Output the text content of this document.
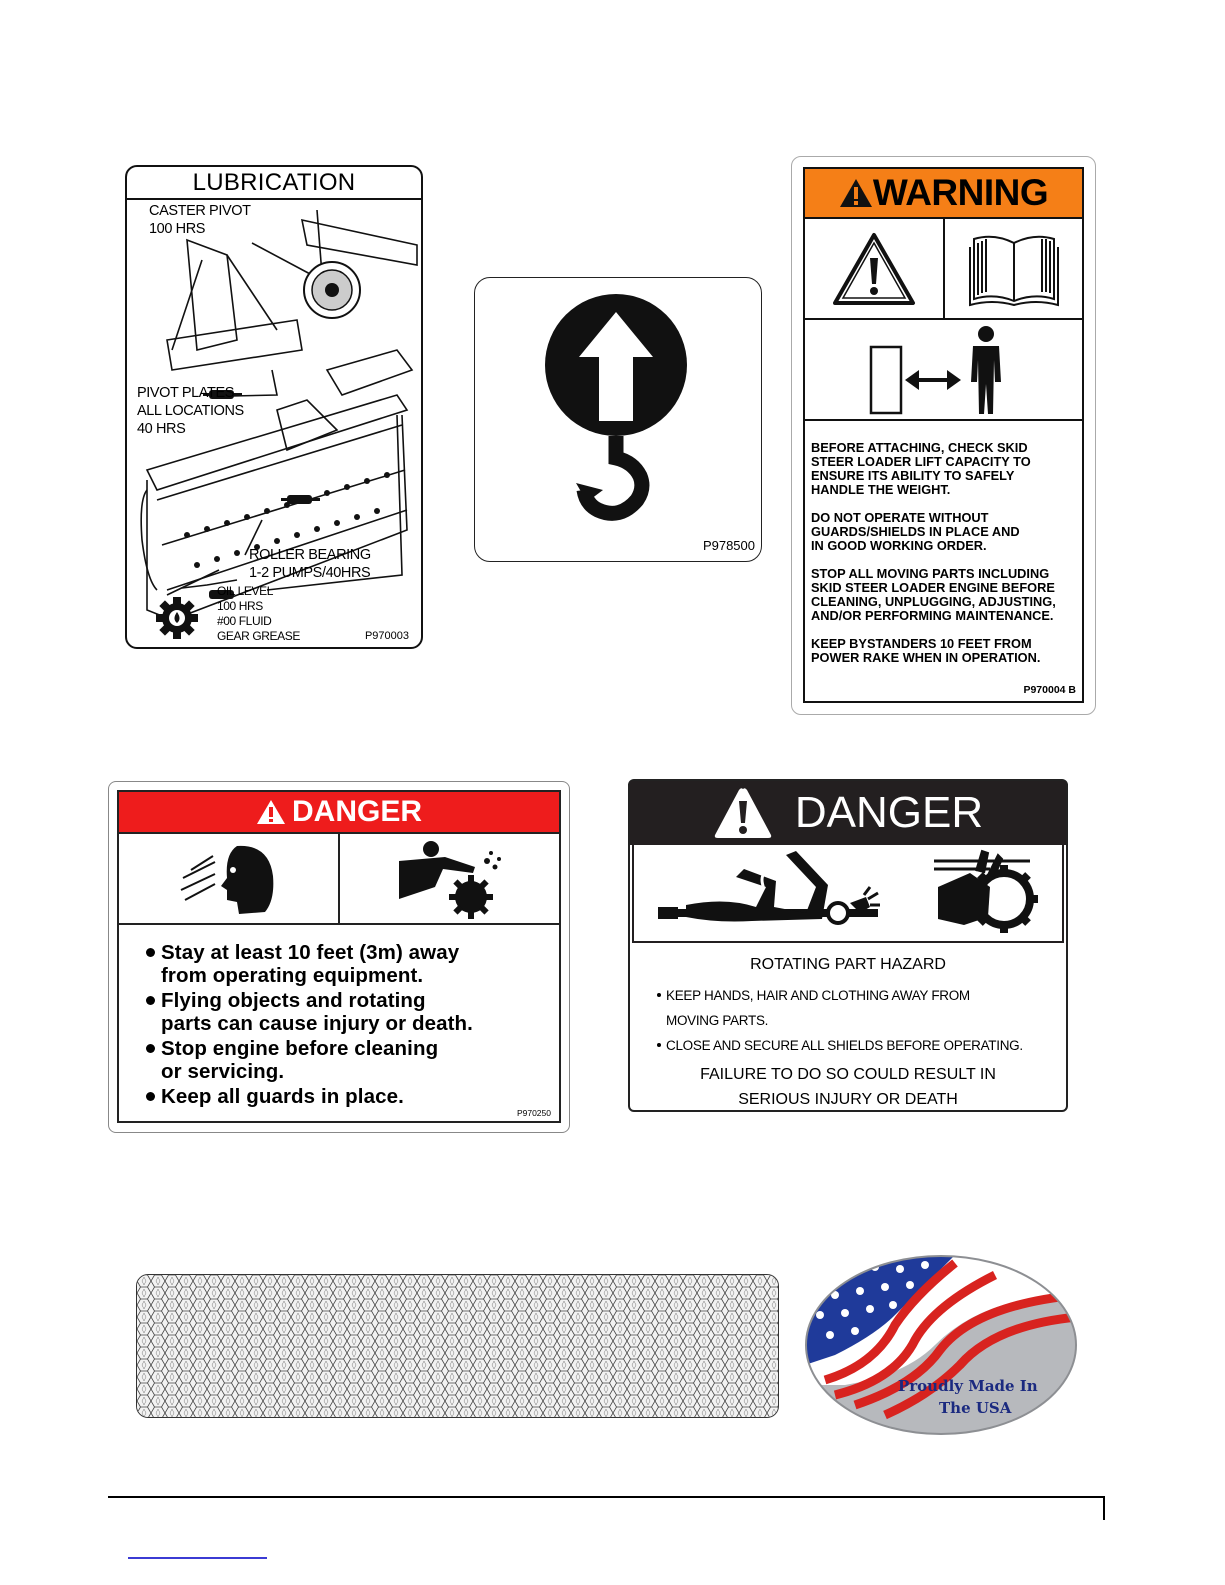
LUBRICATION
CASTER PIVOT
100 HRS
PIVOT PLATES
ALL LOCATIONS
40 HRS
ROLLER BEARING
1-2 PUMPS/40HRS
OIL LEVEL
100 HRS
#00 FLUID
GEAR GREASE	P970003
P978500
WARNING

BEFORE ATTACHING, CHECK SKID
STEER LOADER LIFT CAPACITY TO
ENSURE ITS ABILITY TO SAFELY
HANDLE THE WEIGHT.

DO NOT OPERATE WITHOUT
GUARDS/SHIELDS IN PLACE AND
IN GOOD WORKING ORDER.

STOP ALL MOVING PARTS INCLUDING
SKID STEER LOADER ENGINE BEFORE
CLEANING, UNPLUGGING, ADJUSTING,
AND/OR PERFORMING MAINTENANCE.

KEEP BYSTANDERS 10 FEET FROM
POWER RAKE WHEN IN OPERATION.

P970004 B
DANGER
Stay at least 10 feet (3m) away
from operating equipment.
Flying objects and rotating
parts can cause injury or death.
Stop engine before cleaning
or servicing.
Keep all guards in place.
P970250
DANGER
ROTATING PART HAZARD
KEEP HANDS, HAIR AND CLOTHING AWAY FROM
MOVING PARTS.
CLOSE AND SECURE ALL SHIELDS BEFORE OPERATING.
FAILURE TO DO SO COULD RESULT IN
SERIOUS INJURY OR DEATH
Proudly Made In
The USA
